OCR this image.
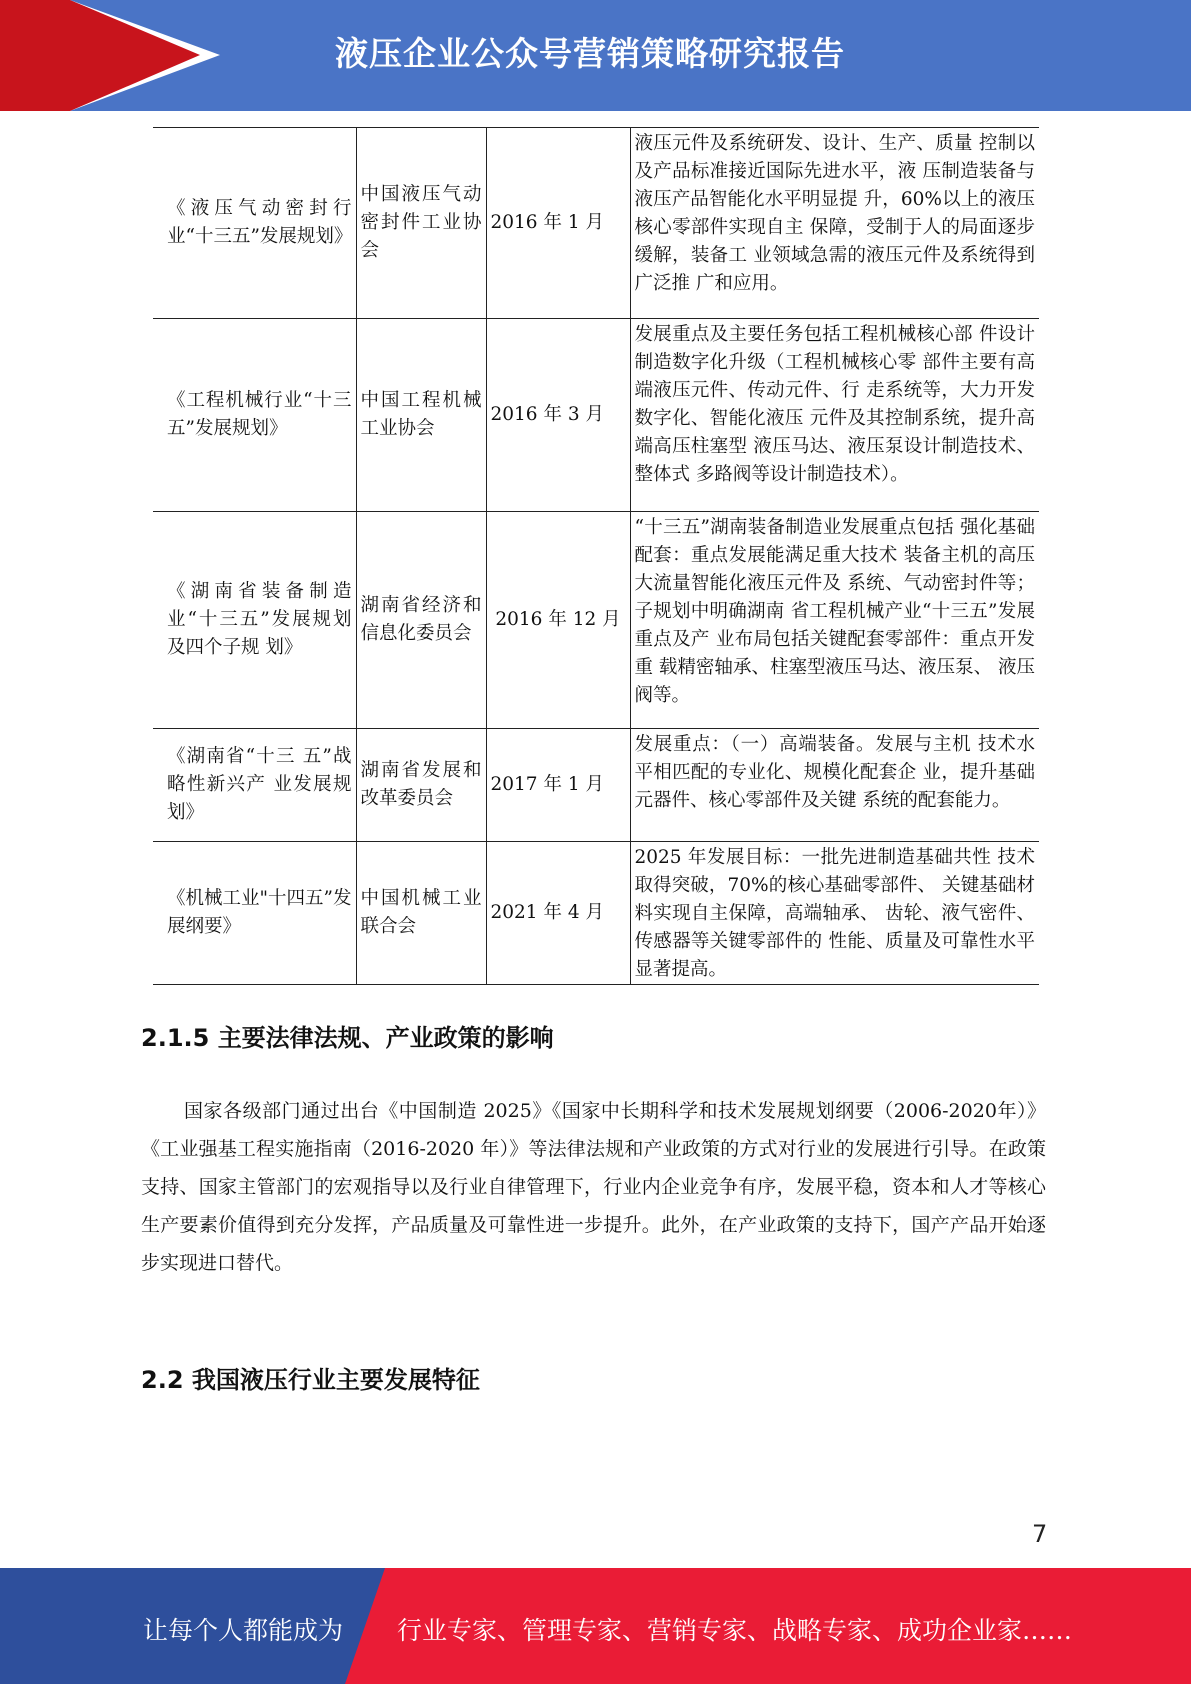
液压企业公众号营销策略研究报告
《液压气动密封行业“十三五”发展规划》	中国液压气动密封件工业协会	2016 年 1 月	液压元件及系统研发、设计、生产、质量 控制以及产品标准接近国际先进水平，液 压制造装备与液压产品智能化水平明显提 升，60%以上的液压核心零部件实现自主 保障，受制于人的局面逐步缓解，装备工 业领域急需的液压元件及系统得到广泛推 广和应用。
《工程机械行业“十三五”发展规划》	中国工程机械工业协会	2016 年 3 月	发展重点及主要任务包括工程机械核心部 件设计制造数字化升级（工程机械核心零 部件主要有高端液压元件、传动元件、行 走系统等，大力开发数字化、智能化液压 元件及其控制系统，提升高端高压柱塞型 液压马达、液压泵设计制造技术、整体式 多路阀等设计制造技术）。
《湖南省装备制造业“十三五”发展规划及四个子规 划》	湖南省经济和信息化委员会	2016 年 12 月	“十三五”湖南装备制造业发展重点包括 强化基础配套：重点发展能满足重大技术 装备主机的高压大流量智能化液压元件及 系统、气动密封件等；子规划中明确湖南 省工程机械产业“十三五”发展重点及产 业布局包括关键配套零部件：重点开发重 载精密轴承、柱塞型液压马达、液压泵、 液压阀等。
《湖南省“十三 五”战略性新兴产 业发展规划》	湖南省发展和改革委员会	2017 年 1 月	发展重点：（一）高端装备。发展与主机 技术水平相匹配的专业化、规模化配套企 业，提升基础元器件、核心零部件及关键 系统的配套能力。
《机械工业"十四五”发展纲要》	中国机械工业联合会	2021 年 4 月	2025 年发展目标：一批先进制造基础共性 技术取得突破，70%的核心基础零部件、 关键基础材料实现自主保障，高端轴承、 齿轮、液气密件、传感器等关键零部件的 性能、质量及可靠性水平显著提高。
2.1.5 主要法律法规、产业政策的影响
国家各级部门通过出台《中国制造 2025》《国家中长期科学和技术发展规划纲要（2006-2020年）》《工业强基工程实施指南（2016-2020 年）》等法律法规和产业政策的方式对行业的发展进行引导。在政策支持、国家主管部门的宏观指导以及行业自律管理下，行业内企业竞争有序，发展平稳，资本和人才等核心生产要素价值得到充分发挥，产品质量及可靠性进一步提升。此外，在产业政策的支持下，国产产品开始逐步实现进口替代。
2.2 我国液压行业主要发展特征
7
让每个人都能成为 行业专家、管理专家、营销专家、战略专家、成功企业家……
